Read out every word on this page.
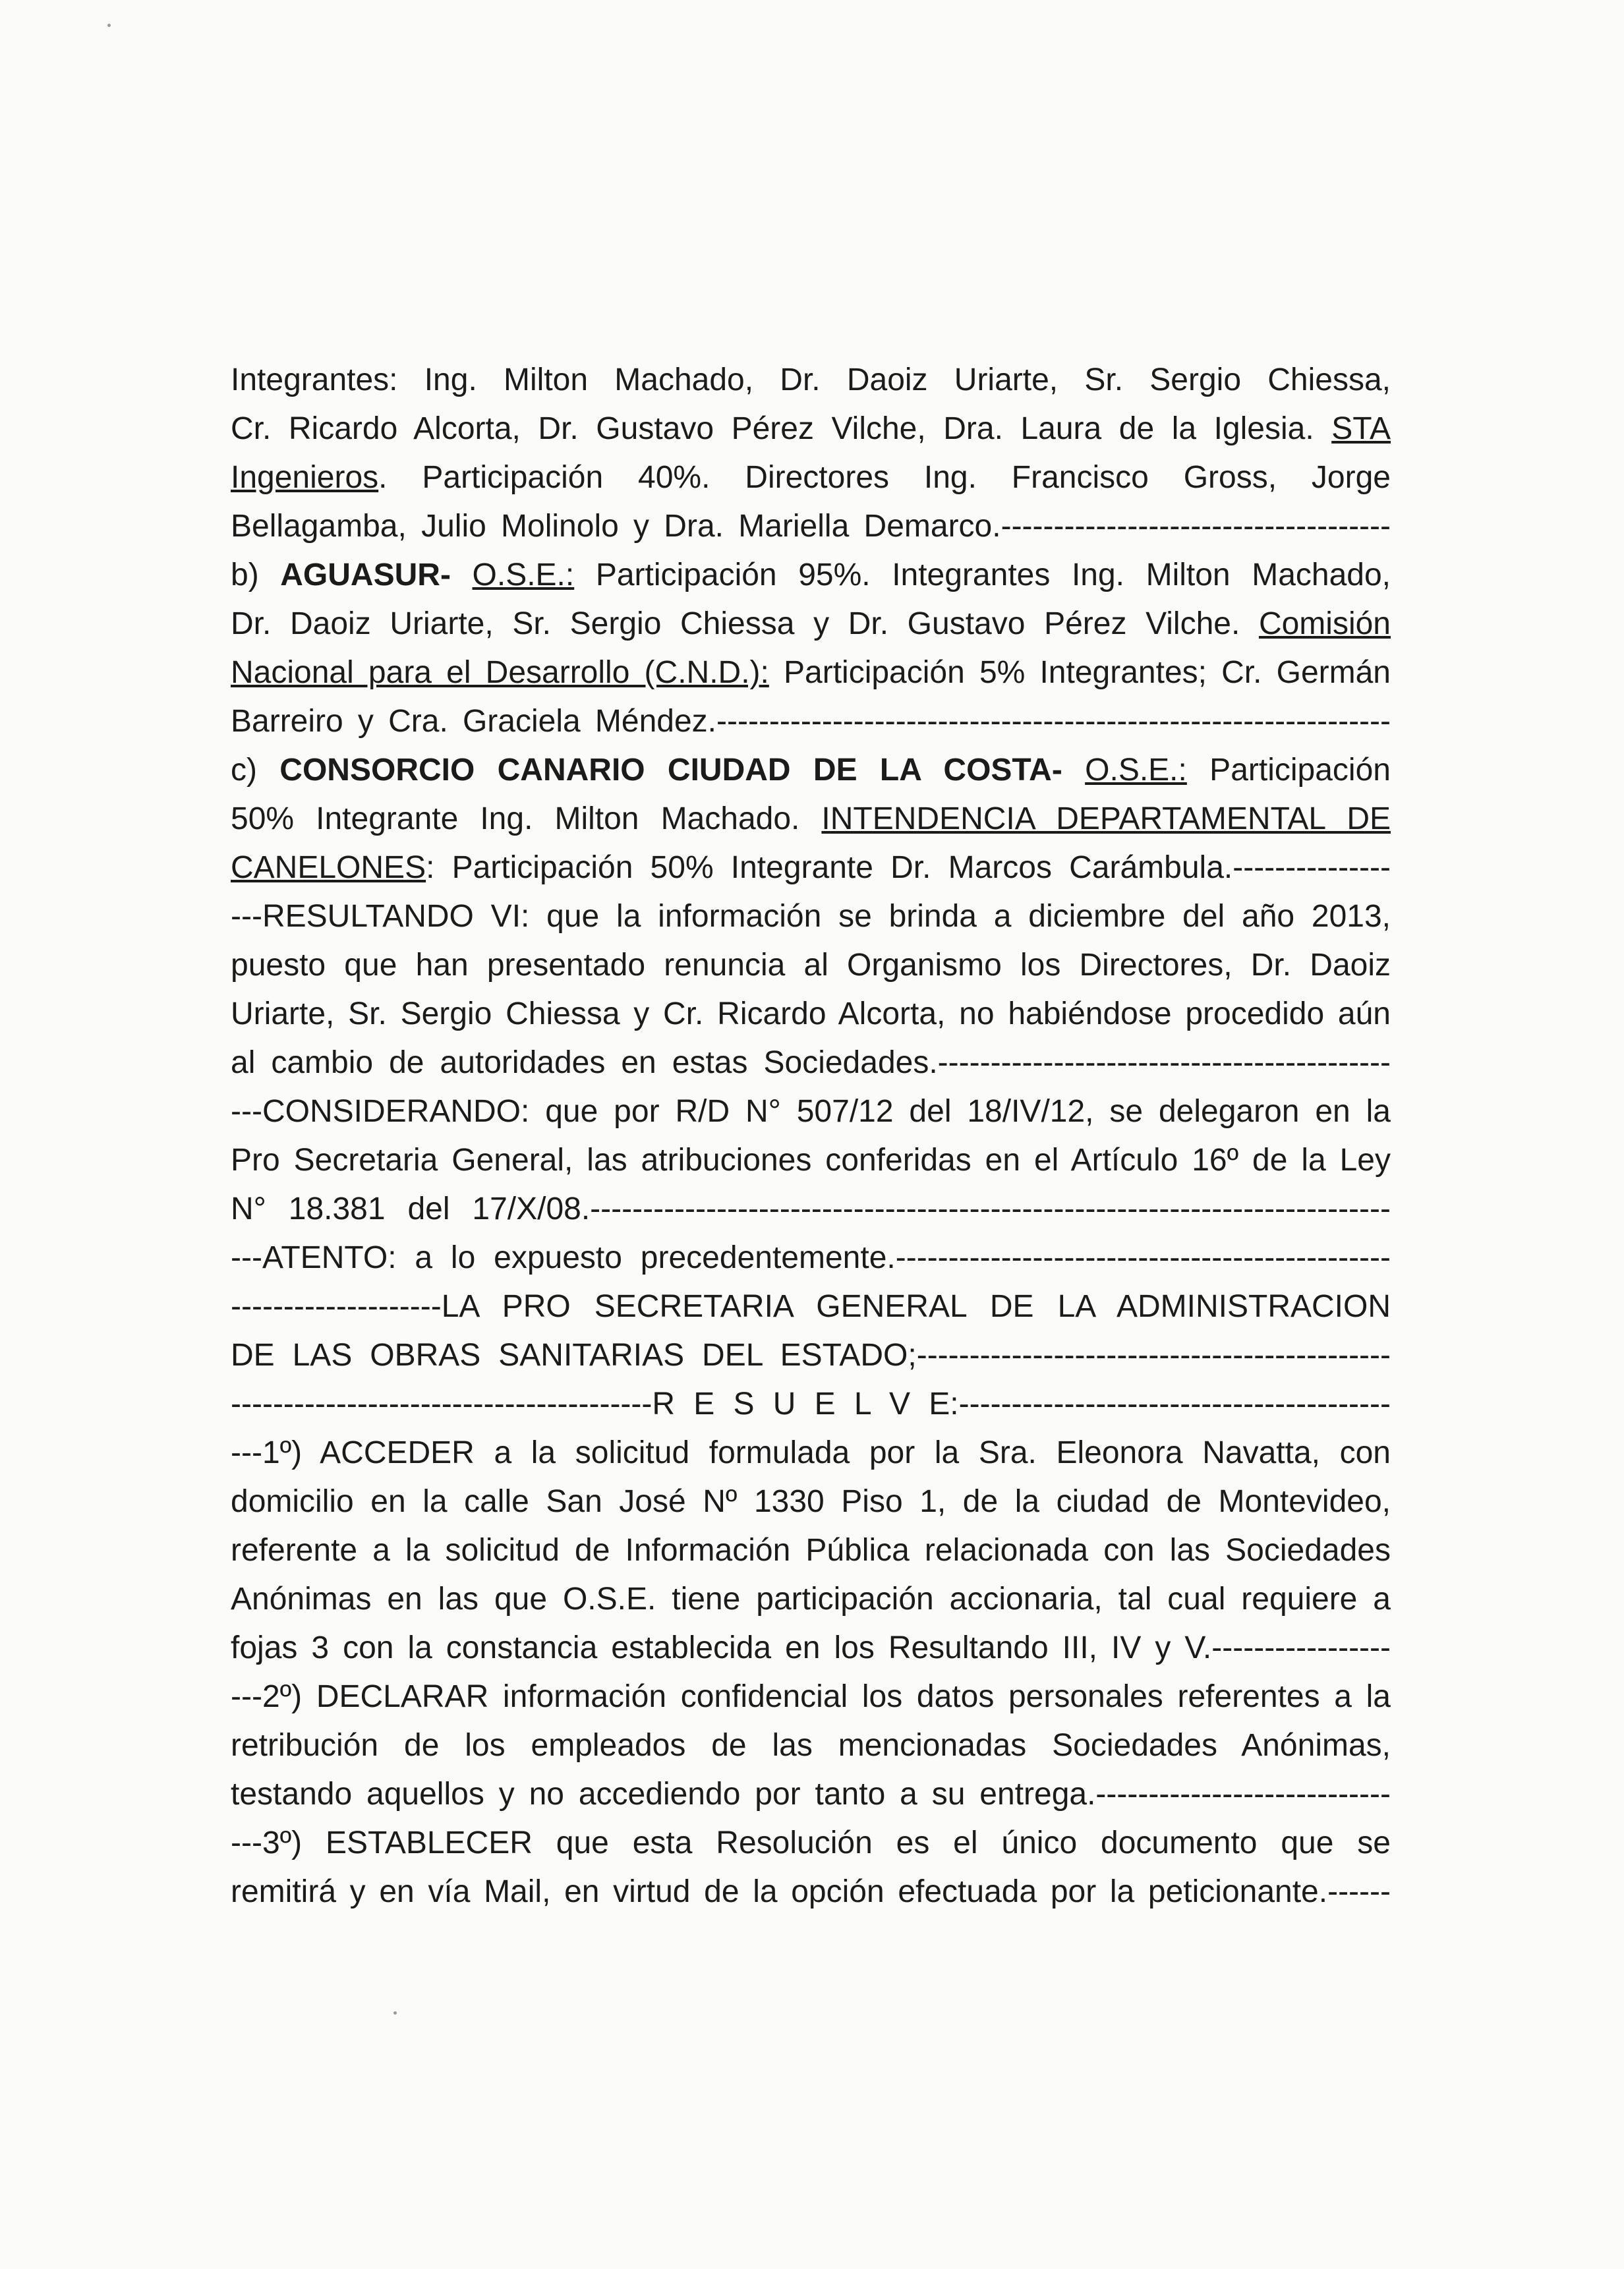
Integrantes: Ing. Milton Machado, Dr. Daoiz Uriarte, Sr. Sergio Chiessa,
Cr. Ricardo Alcorta, Dr. Gustavo Pérez Vilche, Dra. Laura de la Iglesia. STA
Ingenieros. Participación 40%. Directores Ing. Francisco Gross, Jorge
Bellagamba, Julio Molinolo y Dra. Mariella Demarco.-------------------------------------
b) AGUASUR- O.S.E.: Participación 95%. Integrantes Ing. Milton Machado,
Dr. Daoiz Uriarte, Sr. Sergio Chiessa y Dr. Gustavo Pérez Vilche. Comisión
Nacional para el Desarrollo (C.N.D.): Participación 5% Integrantes; Cr. Germán
Barreiro y Cra. Graciela Méndez.----------------------------------------------------------------
c) CONSORCIO CANARIO CIUDAD DE LA COSTA- O.S.E.: Participación
50% Integrante Ing. Milton Machado. INTENDENCIA DEPARTAMENTAL DE
CANELONES: Participación 50% Integrante Dr. Marcos Carámbula.---------------
---RESULTANDO VI: que la información se brinda a diciembre del año 2013,
puesto que han presentado renuncia al Organismo los Directores, Dr. Daoiz
Uriarte, Sr. Sergio Chiessa y Cr. Ricardo Alcorta, no habiéndose procedido aún
al cambio de autoridades en estas Sociedades.-------------------------------------------
---CONSIDERANDO: que por R/D N° 507/12 del 18/IV/12, se delegaron en la
Pro Secretaria General, las atribuciones conferidas en el Artículo 16º de la Ley
N° 18.381 del 17/X/08.----------------------------------------------------------------------------
---ATENTO: a lo expuesto precedentemente.-----------------------------------------------
--------------------LA PRO SECRETARIA GENERAL DE LA ADMINISTRACION
DE LAS OBRAS SANITARIAS DEL ESTADO;---------------------------------------------
----------------------------------------R E S U E L V E:-----------------------------------------
---1º) ACCEDER a la solicitud formulada por la Sra. Eleonora Navatta, con
domicilio en la calle San José Nº 1330 Piso 1, de la ciudad de Montevideo,
referente a la solicitud de Información Pública relacionada con las Sociedades
Anónimas en las que O.S.E. tiene participación accionaria, tal cual requiere a
fojas 3 con la constancia establecida en los Resultando III, IV y V.-----------------
---2º) DECLARAR información confidencial los datos personales referentes a la
retribución de los empleados de las mencionadas Sociedades Anónimas,
testando aquellos y no accediendo por tanto a su entrega.----------------------------
---3º) ESTABLECER que esta Resolución es el único documento que se
remitirá y en vía Mail, en virtud de la opción efectuada por la peticionante.------
